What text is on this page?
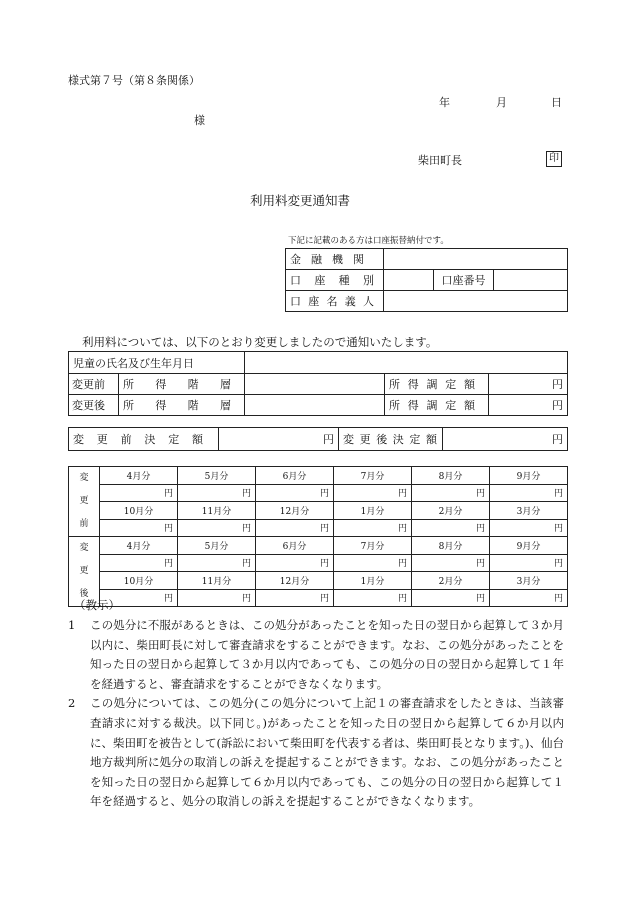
様式第７号（第８条関係）
年	月	日
様
柴田町長	印
利用料変更通知書
下記に記載のある方は口座振替納付です。
金融機関			

口座種別		口座番号	

口座名義人			

利用料については、以下のとおり変更しましたので通知いたします。
児童の氏名及び生年月日				
変更前	所得階層		所得調定額	円
変更後	所得階層		所得調定額	円
変更前決定額	円	変更後決定額	円
変
更
前	4月分	5月分	6月分	7月分	8月分	9月分
	円	円	円	円	円	円
	10月分	11月分	12月分	1月分	2月分	3月分
	円	円	円	円	円	円

変
更
後	4月分	5月分	6月分	7月分	8月分	9月分
	円	円	円	円	円	円
	10月分	11月分	12月分	1月分	2月分	3月分
	円	円	円	円	円	円
（教示）
1 この処分に不服があるときは、この処分があったことを知った日の翌日から起算して３か月以内に、柴田町長に対して審査請求をすることができます。なお、この処分があったことを知った日の翌日から起算して３か月以内であっても、この処分の日の翌日から起算して１年を経過すると、審査請求をすることができなくなります。
2 この処分については、この処分(この処分について上記１の審査請求をしたときは、当該審査請求に対する裁決。以下同じ。)があったことを知った日の翌日から起算して６か月以内に、柴田町を被告として(訴訟において柴田町を代表する者は、柴田町長となります。)、仙台地方裁判所に処分の取消しの訴えを提起することができます。なお、この処分があったことを知った日の翌日から起算して６か月以内であっても、この処分の日の翌日から起算して１年を経過すると、処分の取消しの訴えを提起することができなくなります。
